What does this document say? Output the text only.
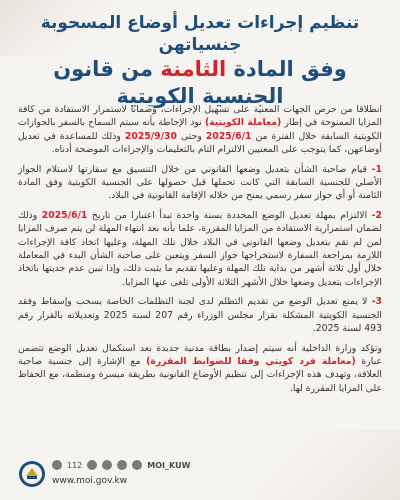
تنظيم إجراءات تعديل أوضاع المسحوبة جنسياتهن

وفق المادة الثامنة من قانون

الجنسية الكويتية

انطلاقا من حرص الجهات المعنية على تسهيل الإجراءات، وضمانا لاستمرار الاستفادة من كافة المزايا الممنوحة في إطار (معاملة الكويتية) نود الإحاطة بأنه سيتم السماح بالسفر بالجوازات الكويتية السابقة خلال الفترة من 2025/6/1 وحتى 2025/9/30 وذلك للمساعدة في تعديل أوضاعهن، كما يتوجب على المعنيين الالتزام التام بالتعليمات والإجراءات الموضحة أدناه.

1- قيام صاحبة الشأن بتعديل وضعها القانوني من خلال التنسيق مع سفارتها لاستلام الجواز الأصلي للجنسية السابقة التي كانت تحملها قبل حصولها على الجنسية الكويتية وفق المادة الثامنة أو أي جواز سفر رسمي يمنح من خلاله الإقامة القانونية في البلاد.

2- الالتزام بمهلة تعديل الوضع المحددة بسنة واحدة تبدأ اعتبارا من تاريخ 2025/6/1 وذلك لضمان استمرارية الاستفادة من المزايا المقررة، علما بأنه بعد انتهاء المهلة لن يتم صرف المزايا لمن لم تقم بتعديل وضعها القانوني في البلاد خلال تلك المهلة، وعليها اتخاذ كافة الإجراءات اللازمة بمراجعة السفارة لاستخراجها جواز السفر ويتعين على صاحبة الشأن البدء في المعاملة خلال أول ثلاثة أشهر من بداية تلك المهلة وعليها تقديم ما يثبت ذلك، وإذا تبين عدم جديتها باتخاذ الإجراءات بتعديل وضعها خلال الأشهر الثلاثة الأولى تلغى عنها المزايا.

3- لا يمنع تعديل الوضع من تقديم التظلم لدى لجنة التظلمات الخاصة بسحب وإسقاط وفقد الجنسية الكويتية المشكلة بقرار مجلس الوزراء رقم 207 لسنة 2025 وتعديلاته بالقرار رقم 493 لسنة 2025.

وتؤكد وزارة الداخلية أنه سيتم إصدار بطاقة مدنية جديدة بعد استكمال تعديل الوضع تتضمن عبارة (معاملة فرد كويتي وفقا للضوابط المقررة) مع الإشارة إلى جنسية صاحبة العلاقة، وتهدف هذه الإجراءات إلى تنظيم الأوضاع القانونية بطريقة ميسرة ومنظمة، مع الحفاظ على المزايا المقررة لها.

112	MOI_KUW
www.moi.gov.kw
